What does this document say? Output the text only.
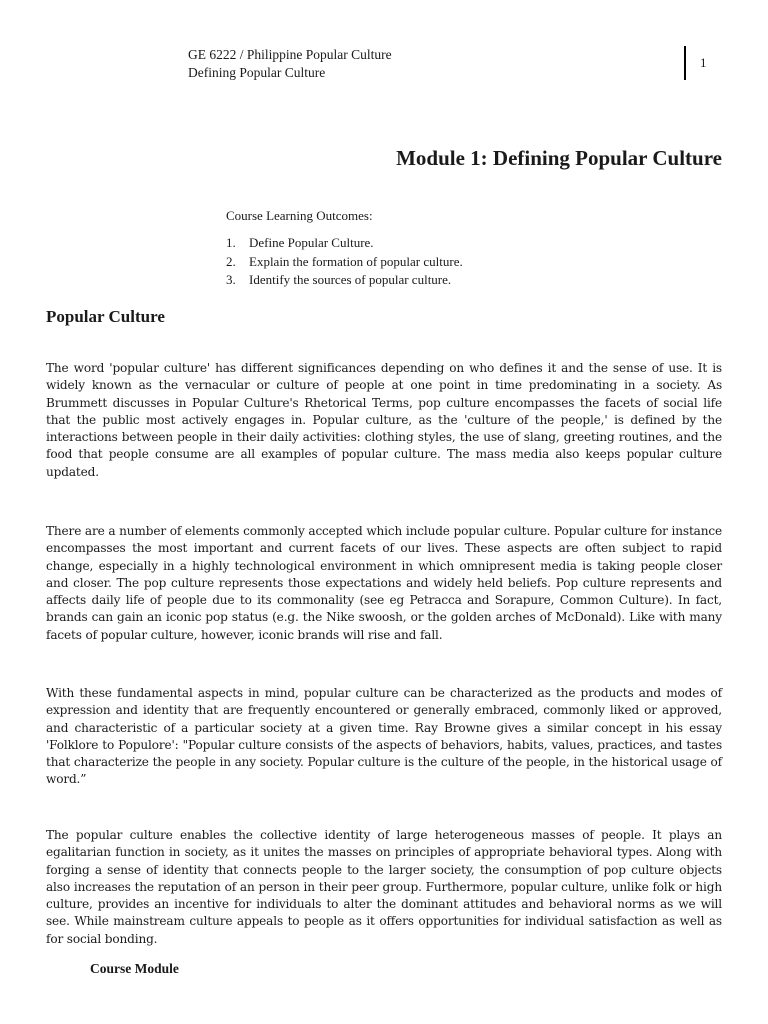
GE 6222 / Philippine Popular Culture
Defining Popular Culture
1
Module 1: Defining Popular Culture

Course Learning Outcomes:

1.	Define Popular Culture.
2.	Explain the formation of popular culture.
3.	Identify the sources of popular culture.
Popular Culture

The word 'popular culture' has different significances depending on who defines it and the sense of use. It is widely known as the vernacular or culture of people at one point in time predominating in a society. As Brummett discusses in Popular Culture's Rhetorical Terms, pop culture encompasses the facets of social life that the public most actively engages in. Popular culture, as the 'culture of the people,' is defined by the interactions between people in their daily activities: clothing styles, the use of slang, greeting routines, and the food that people consume are all examples of popular culture. The mass media also keeps popular culture updated.

There are a number of elements commonly accepted which include popular culture. Popular culture for instance encompasses the most important and current facets of our lives. These aspects are often subject to rapid change, especially in a highly technological environment in which omnipresent media is taking people closer and closer. The pop culture represents those expectations and widely held beliefs. Pop culture represents and affects daily life of people due to its commonality (see eg Petracca and Sorapure, Common Culture). In fact, brands can gain an iconic pop status (e.g. the Nike swoosh, or the golden arches of McDonald). Like with many facets of popular culture, however, iconic brands will rise and fall.

With these fundamental aspects in mind, popular culture can be characterized as the products and modes of expression and identity that are frequently encountered or generally embraced, commonly liked or approved, and characteristic of a particular society at a given time. Ray Browne gives a similar concept in his essay 'Folklore to Populore': "Popular culture consists of the aspects of behaviors, habits, values, practices, and tastes that characterize the people in any society. Popular culture is the culture of the people, in the historical usage of word.”

The popular culture enables the collective identity of large heterogeneous masses of people. It plays an egalitarian function in society, as it unites the masses on principles of appropriate behavioral types. Along with forging a sense of identity that connects people to the larger society, the consumption of pop culture objects also increases the reputation of an person in their peer group. Furthermore, popular culture, unlike folk or high culture, provides an incentive for individuals to alter the dominant attitudes and behavioral norms as we will see. While mainstream culture appeals to people as it offers opportunities for individual satisfaction as well as for social bonding.

Course Module
